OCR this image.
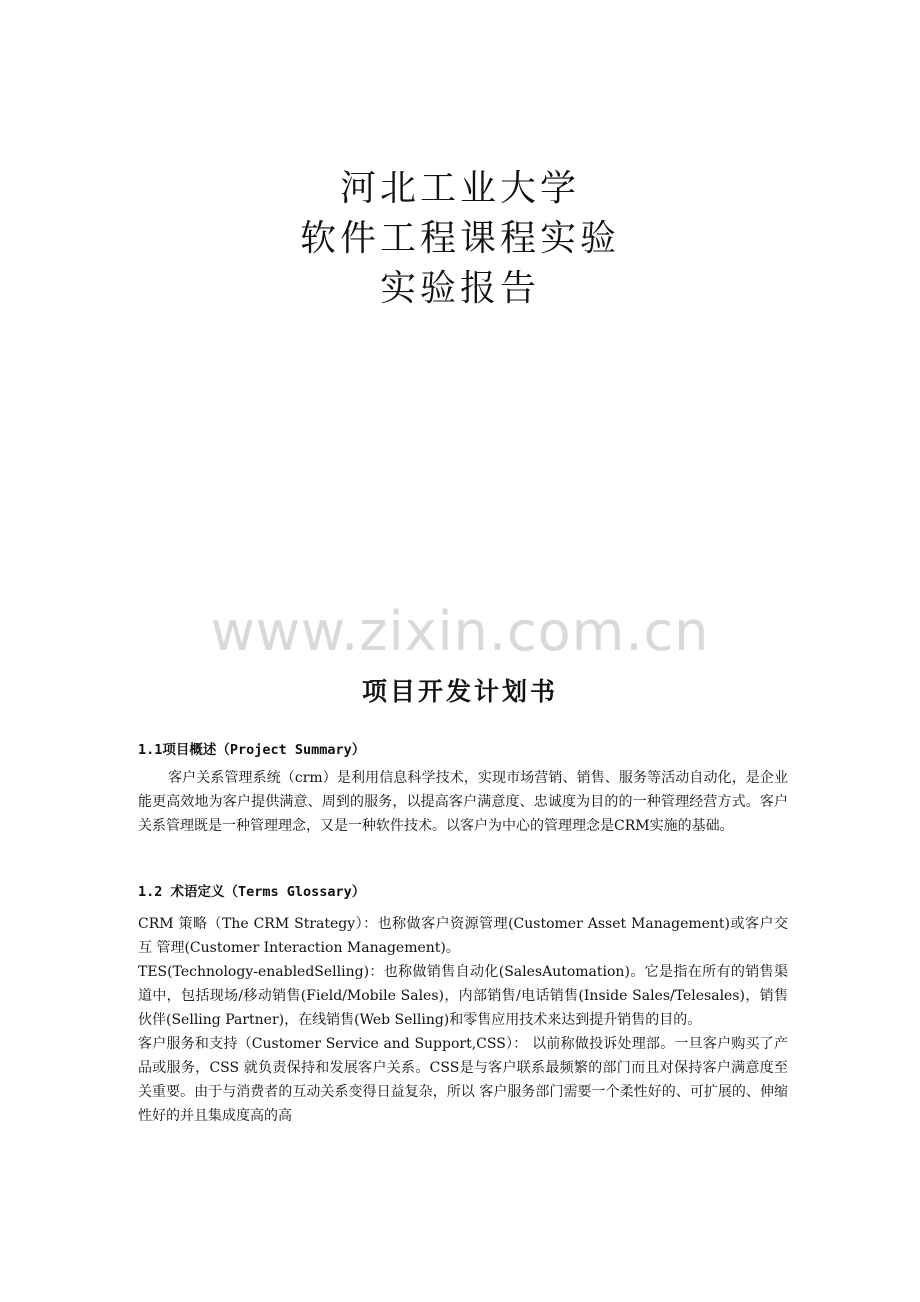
河北工业大学
软件工程课程实验
实验报告
www.zixin.com.cn
项目开发计划书

1.1项目概述（Project Summary）

客户关系管理系统（crm）是利用信息科学技术，实现市场营销、销售、服务等活动自动化，是企业能更高效地为客户提供满意、周到的服务，以提高客户满意度、忠诚度为目的的一种管理经营方式。客户关系管理既是一种管理理念，又是一种软件技术。以客户为中心的管理理念是CRM实施的基础。

1.2 术语定义（Terms Glossary）

CRM 策略（The CRM Strategy）：也称做客户资源管理(Customer Asset Management)或客户交互 管理(Customer Interaction Management)。

TES(Technology-enabledSelling)：也称做销售自动化(SalesAutomation)。它是指在所有的销售渠道中，包括现场/移动销售(Field/Mobile Sales)，内部销售/电话销售(Inside Sales/Telesales)，销售伙伴(Selling Partner)，在线销售(Web Selling)和零售应用技术来达到提升销售的目的。

客户服务和支持（Customer Service and Support,CSS）： 以前称做投诉处理部。一旦客户购买了产品或服务，CSS 就负责保持和发展客户关系。CSS是与客户联系最频繁的部门而且对保持客户满意度至关重要。由于与消费者的互动关系变得日益复杂，所以 客户服务部门需要一个柔性好的、可扩展的、伸缩性好的并且集成度高的高
